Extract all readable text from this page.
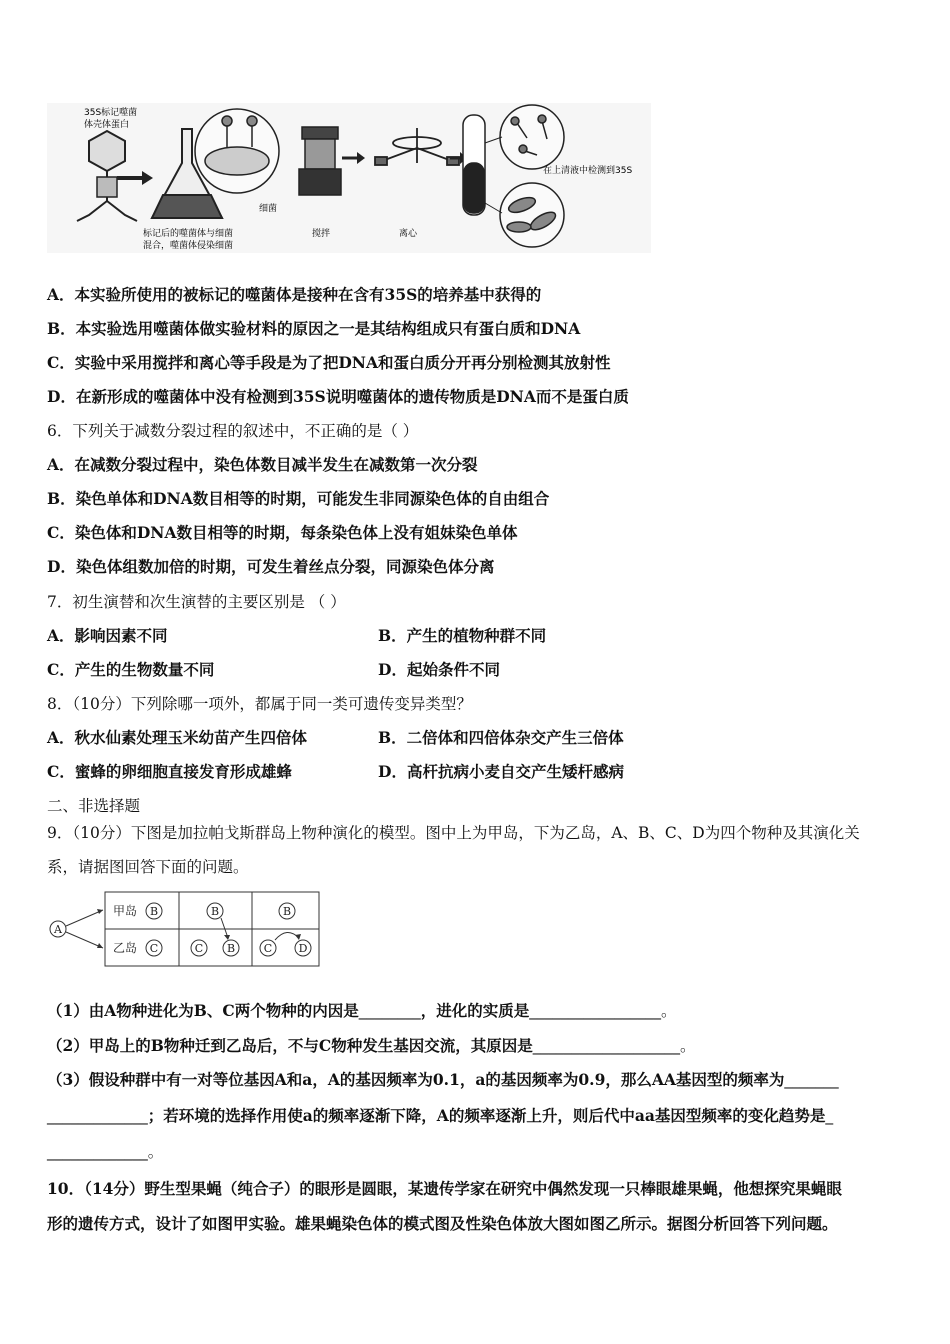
35S标记噬菌
体壳体蛋白
标记后的噬菌体与细菌
混合，噬菌体侵染细菌
细菌
搅拌	离心
在上清液中检测到35S
A．本实验所使用的被标记的噬菌体是接种在含有35S的培养基中获得的
B．本实验选用噬菌体做实验材料的原因之一是其结构组成只有蛋白质和DNA
C．实验中采用搅拌和离心等手段是为了把DNA和蛋白质分开再分别检测其放射性
D．在新形成的噬菌体中没有检测到35S说明噬菌体的遗传物质是DNA而不是蛋白质
6．下列关于减数分裂过程的叙述中，不正确的是（ ）
A．在减数分裂过程中，染色体数目减半发生在减数第一次分裂
B．染色单体和DNA数目相等的时期，可能发生非同源染色体的自由组合
C．染色体和DNA数目相等的时期，每条染色体上没有姐妹染色单体
D．染色体组数加倍的时期，可发生着丝点分裂，同源染色体分离
7．初生演替和次生演替的主要区别是 （ ）
A．影响因素不同	B．产生的植物种群不同
C．产生的生物数量不同	D．起始条件不同
8．（10分）下列除哪一项外，都属于同一类可遗传变异类型？
A．秋水仙素处理玉米幼苗产生四倍体	B．二倍体和四倍体杂交产生三倍体
C．蜜蜂的卵细胞直接发育形成雄蜂	D．高杆抗病小麦自交产生矮杆感病
二、非选择题
9．（10分）下图是加拉帕戈斯群岛上物种演化的模型。图中上为甲岛，下为乙岛，A、B、C、D为四个物种及其演化关
系，请据图回答下面的问题。
A
甲岛 B	B	B
乙岛 C	C B	C D
（1）由A物种进化为B、C两个物种的内因是________，进化的实质是_________________。
（2）甲岛上的B物种迁到乙岛后，不与C物种发生基因交流，其原因是___________________。
（3）假设种群中有一对等位基因A和a，A的基因频率为0.1，a的基因频率为0.9，那么AA基因型的频率为_______
_____________；若环境的选择作用使a的频率逐渐下降，A的频率逐渐上升，则后代中aa基因型频率的变化趋势是_
_____________。
10．（14分）野生型果蝇（纯合子）的眼形是圆眼，某遗传学家在研究中偶然发现一只棒眼雄果蝇，他想探究果蝇眼
形的遗传方式，设计了如图甲实验。雄果蝇染色体的模式图及性染色体放大图如图乙所示。据图分析回答下列问题。
